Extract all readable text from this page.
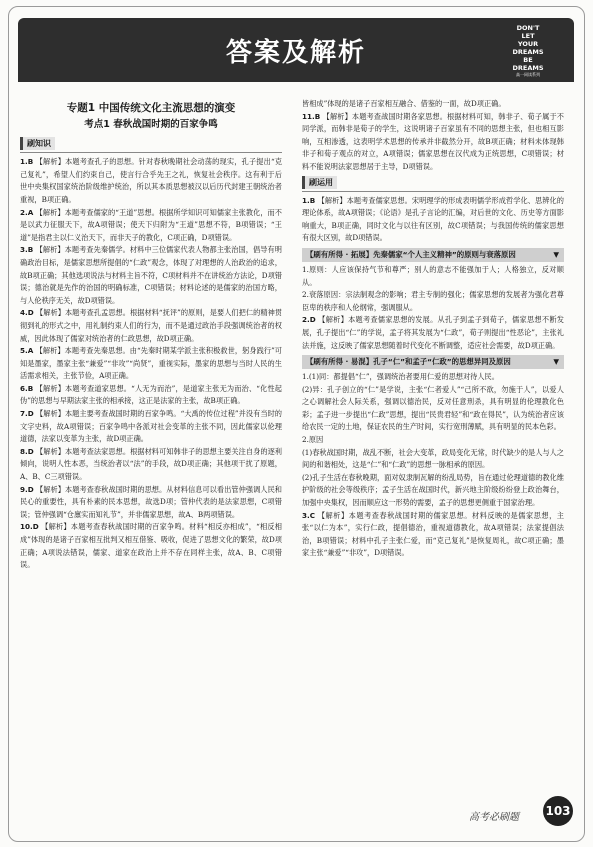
答案及解析
DON'T
LET
YOUR
DREAMS
BE
DREAMS
高一同读系列
专题1 中国传统文化主流思想的演变
考点1 春秋战国时期的百家争鸣
刷知识

1.B 【解析】本题考查孔子的思想。针对春秋晚期社会动荡的现实，孔子提出“克己复礼”，希望人们约束自己，使言行合乎先王之礼，恢复社会秩序。这有利于后世中央集权国家统治阶级维护统治，所以其本质思想被汉以后历代封建王朝统治者重视，B项正确。

2.A 【解析】本题考查儒家的“王道”思想。根据所学知识可知儒家主张教化，而不是以武力征服天下，故A项错误；使天下归附为“王道”思想不符，B项错误；“王道”是指君主以仁义治天下，而非天子的教化，C项正确，D项错误。

3.B 【解析】本题考查先秦儒学。材料中三位儒家代表人物都主张治国，倡导有明确政治目标，是儒家思想所提倡的“仁政”观念，体现了对理想的人治政治的追求，故B项正确；其他选项说法与材料主旨不符，C项材料并不在讲统治方法论，D项错误；德治就是先作的治国的明确标准，C项错误；材料论述的是儒家的治国方略，与人伦秩序无关，故D项错误。

4.D 【解析】本题考查孔孟思想。根据材料“抚评”的原则，是要人们把仁的精神贯彻到礼的形式之中，用礼制约束人们的行为，而不是通过政治手段强调统治者的权威，因此体现了儒家对统治者的仁政思想，故D项正确。

5.A 【解析】本题考查先秦思想。由“先秦时期某学派主张积极救世，躬身践行”可知是墨家，墨家主张“兼爱”“非攻”“尚贤”，重视实际，墨家的思想与当时人民的生活需求相关，主张节俭，A项正确。

6.B 【解析】本题考查道家思想。“人无为而治”，是道家主张无为而治、“化性起伪”的思想与早期法家主张的相承接，这正是法家的主张，故B项正确。

7.D 【解析】本题主要考查战国时期的百家争鸣。“大禹的传位过程”并没有当时的文字史料，故A项错误；百家争鸣中各派对社会变革的主张不同，因此儒家以伦理道德，法家以变革为主张，故D项正确。

8.D 【解析】本题考查法家思想。根据材料可知韩非子的思想主要关注自身的逐利倾向，说明人性本恶，当统治者以“法”的手段，故D项正确；其他项干扰了原题，A、B、C三项错误。

9.D 【解析】本题考查春秋战国时期的思想。从材料信息可以看出管仲强调人民和民心的重要性，具有朴素的民本思想，故选D项；管仲代表的是法家思想，C项错误；管仲强调“仓廪实而知礼节”，并非儒家思想，故A、B两项错误。

10.D 【解析】本题考查春秋战国时期的百家争鸣。材料“相反亦相成”，“相反相成”体现的是诸子百家相互批判又相互借鉴、吸收，促进了思想文化的繁荣，故D项正确；A项说法错误，儒家、道家在政治上并不存在同样主张，故A、B、C项错误。

皆相成”体现的是诸子百家相互融合、借鉴的一面，故D项正确。

11.B 【解析】本题考查战国时期各家思想。根据材料可知，韩非子、荀子属于不同学派，而韩非是荀子的学生，这说明诸子百家虽有不同的思想主张，但也相互影响，互相渗透，这表明学术思想的传承并非截然分开，故B项正确；材料未体现韩非子和荀子观点的对立，A项错误；儒家思想在汉代成为正统思想，C项错误；材料不能说明法家思想居于主导，D项错误。

刷运用

1.B 【解析】本题考查儒家思想。宋明理学的形成表明儒学形成哲学化、思辨化的理论体系，故A项错误；《论语》是孔子言论的汇编，对后世的文化、历史等方面影响重大，B项正确，同时文化与以往有区别，故C项错误；与我国传统的儒家思想有很大区别，故D项错误。

【刷有所得 · 拓展】先秦儒家“个人主义精神”的原则与衰落原因	▼

1.原则：人应该保持气节和尊严；别人的意志不能强加于人；人格独立，反对顺从。

2.衰落原因：宗法制观念的影响；君主专制的强化；儒家思想的发展者为强化君尊臣卑的秩序和人伦纲常，强调服从。

2.D 【解析】本题考查儒家思想的发展。从孔子到孟子到荀子，儒家思想不断发展，孔子提出“仁”的学说，孟子将其发展为“仁政”，荀子则提出“性恶论”，主张礼法并施，这反映了儒家思想随着时代变化不断调整，适应社会需要，故D项正确。

【刷有所得 · 易混】孔子“仁”和孟子“仁政”的思想异同及原因	▼

1.(1)同：都提倡“仁”，强调统治者要用仁爱的思想对待人民。

(2)异：孔子创立的“仁”是学说，主张“仁者爱人”“己所不欲，勿施于人”，以爱人之心调解社会人际关系，强调以德治民，反对任意刑杀，具有明显的伦理教化色彩；孟子进一步提出“仁政”思想，提出“民贵君轻”和“政在得民”，认为统治者应该给农民一定的土地，保证农民的生产时间，实行宽刑薄赋，具有明显的民本色彩。

2.原因

(1)春秋战国时期，战乱不断，社会大变革，政局变化无常，时代缺少的是人与人之间的和谐相处，这是“仁”和“仁政”的思想一脉相承的原因。

(2)孔子生活在春秋晚期，面对奴隶制瓦解的纷乱局势，旨在通过伦理道德的教化维护阶级的社会等级秩序；孟子生活在战国时代，新兴地主阶级纷纷登上政治舞台，加强中央集权，因而顺应这一形势的需要，孟子的思想更侧重于国家治理。

3.C 【解析】本题考查春秋战国时期的儒家思想。材料反映的是儒家思想，主张“以仁为本”，实行仁政，提倡德治，重视道德教化，故A项错误；法家提倡法治，B项错误；材料中孔子主张仁爱，而“克己复礼”是恢复周礼，故C项正确；墨家主张“兼爱”“非攻”，D项错误。

高考必刷题 103
